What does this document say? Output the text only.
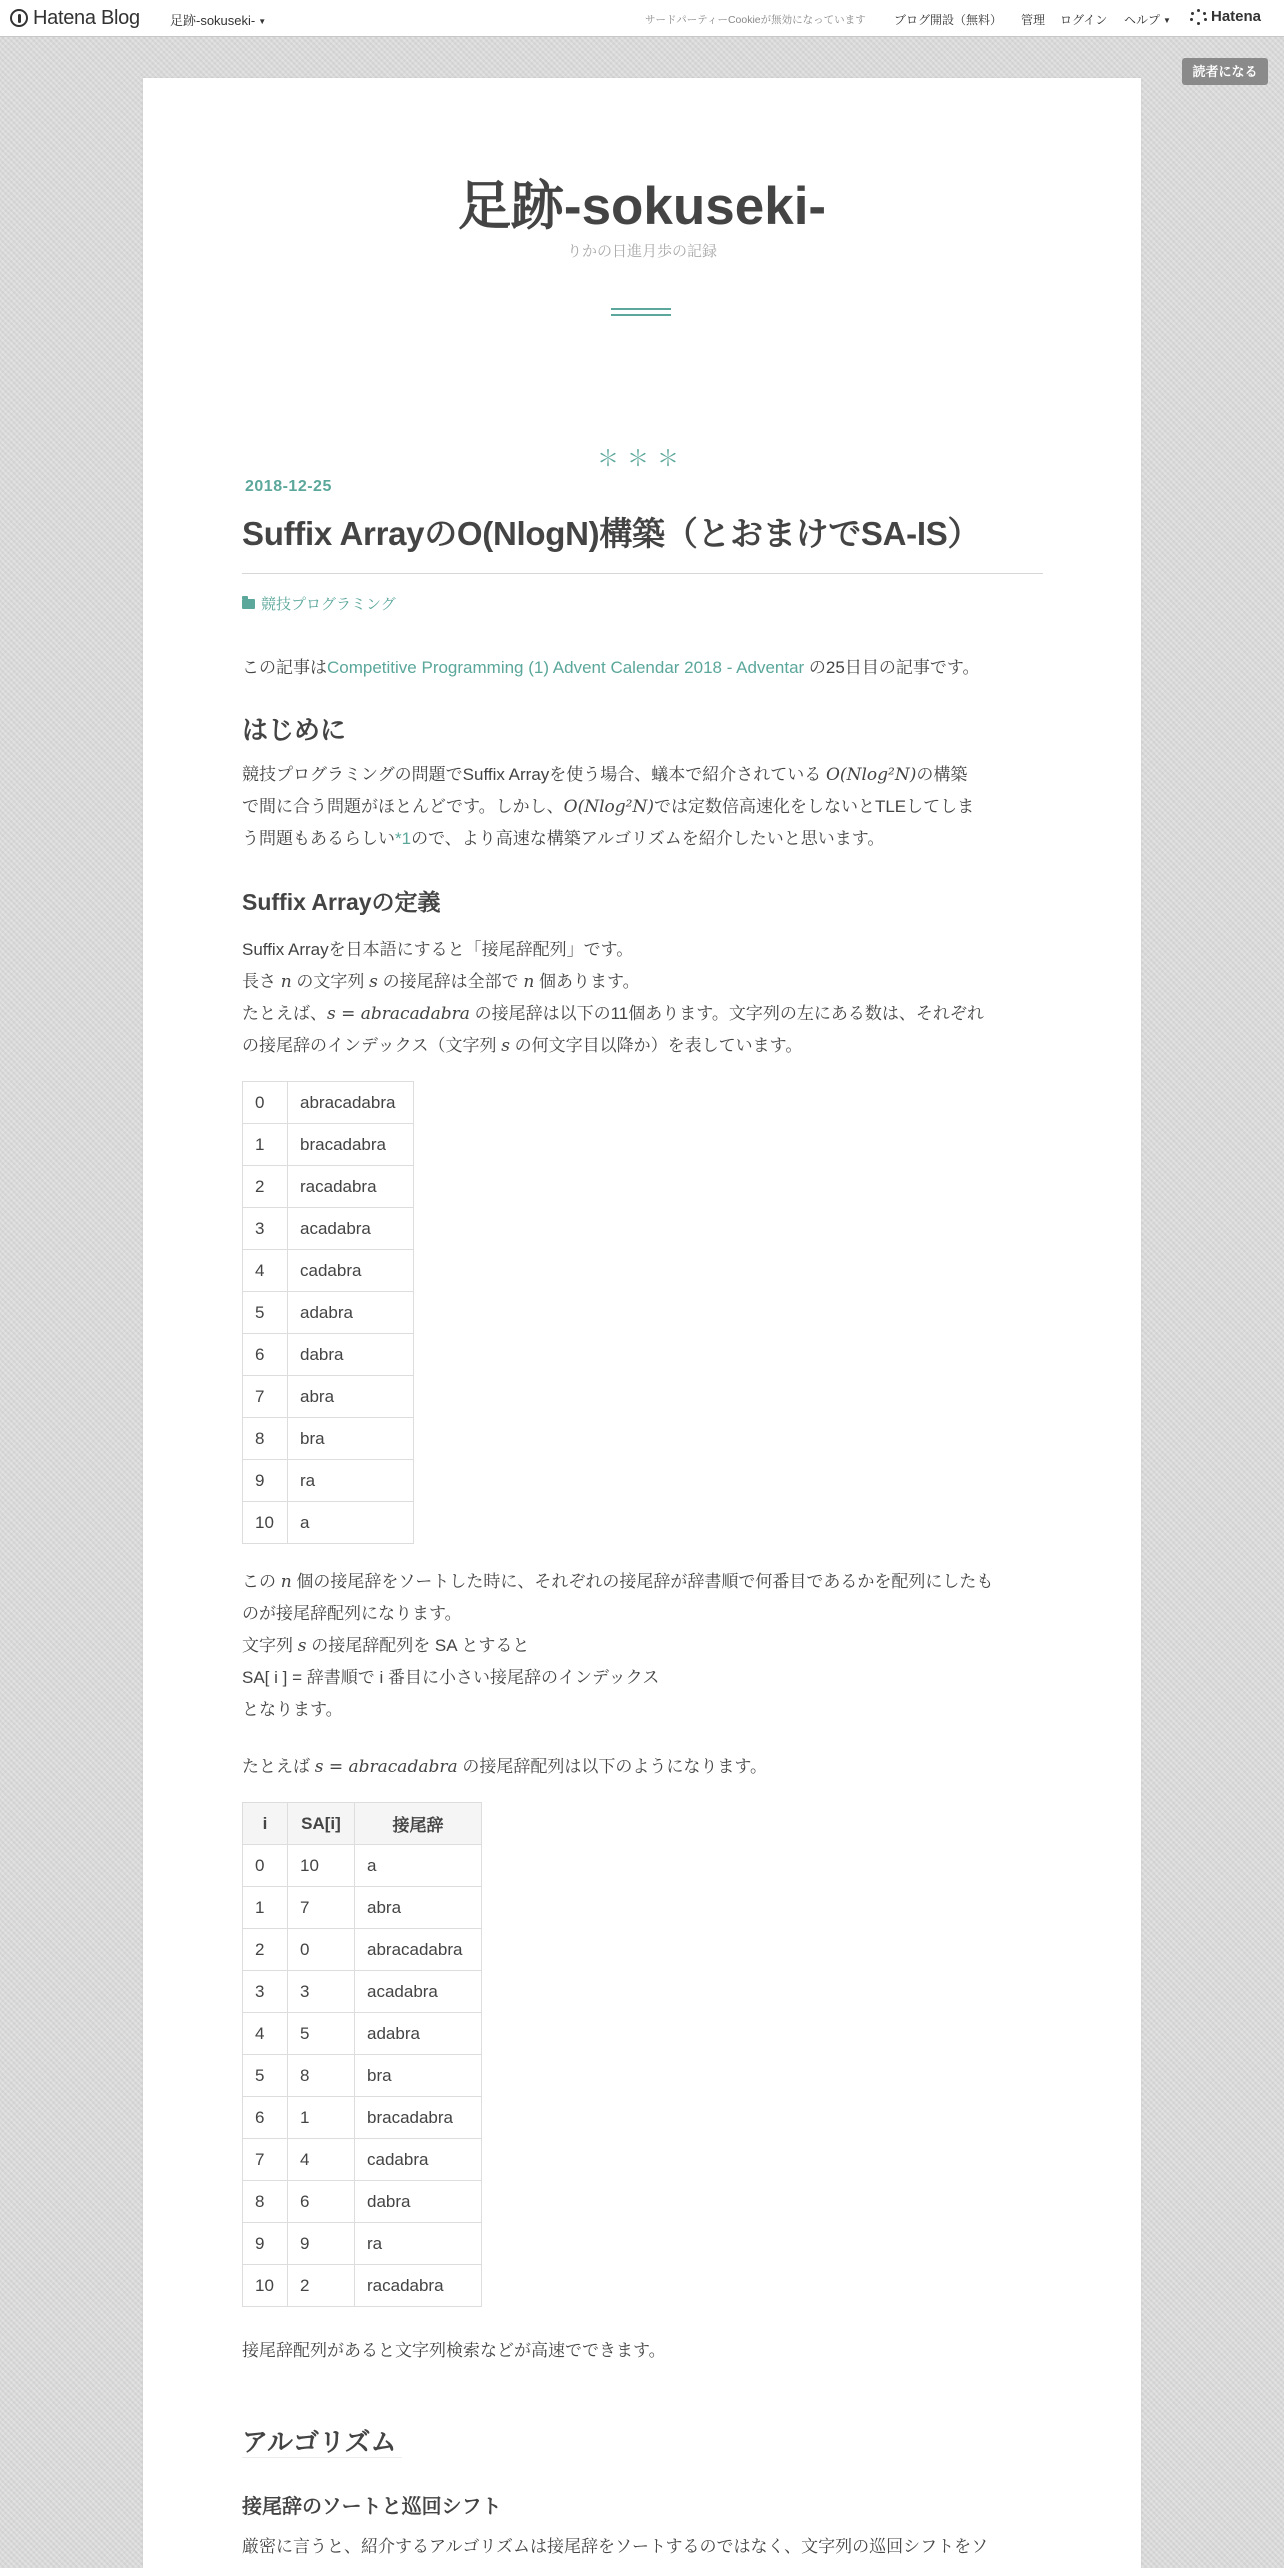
Hatena Blog 足跡-sokuseki- ▼	サードパーティーCookieが無効になっています ブログ開設（無料） 管理 ログイン ヘルプ ▼	Hatena
読者になる
足跡-sokuseki-
りかの日進月歩の記録
＊＊＊
2018-12-25
Suffix ArrayのO(NlogN)構築（とおまけでSA-IS）
競技プログラミング
この記事はCompetitive Programming (1) Advent Calendar 2018 - Adventar の25日目の記事です。
はじめに
競技プログラミングの問題でSuffix Arrayを使う場合、蟻本で紹介されている O(Nlog²N)の構築
で間に合う問題がほとんどです。しかし、O(Nlog²N)では定数倍高速化をしないとTLEしてしま
う問題もあるらしい*1ので、より高速な構築アルゴリズムを紹介したいと思います。
Suffix Arrayの定義
Suffix Arrayを日本語にすると「接尾辞配列」です。
長さ n の文字列 s の接尾辞は全部で n 個あります。
たとえば、s = abracadabra の接尾辞は以下の11個あります。文字列の左にある数は、それぞれ
の接尾辞のインデックス（文字列 s の何文字目以降か）を表しています。
0	abracadabra
1	bracadabra
2	racadabra
3	acadabra
4	cadabra
5	adabra
6	dabra
7	abra
8	bra
9	ra
10	a
この n 個の接尾辞をソートした時に、それぞれの接尾辞が辞書順で何番目であるかを配列にしたも
のが接尾辞配列になります。
文字列 s の接尾辞配列を SA とすると
SA[ i ] = 辞書順で i 番目に小さい接尾辞のインデックス
となります。
たとえば s = abracadabra の接尾辞配列は以下のようになります。
i	SA[i]	接尾辞
0	10	a
1	7	abra
2	0	abracadabra
3	3	acadabra
4	5	adabra
5	8	bra
6	1	bracadabra
7	4	cadabra
8	6	dabra
9	9	ra
10	2	racadabra
接尾辞配列があると文字列検索などが高速でできます。
アルゴリズム
接尾辞のソートと巡回シフト
厳密に言うと、紹介するアルゴリズムは接尾辞をソートするのではなく、文字列の巡回シフトをソ
